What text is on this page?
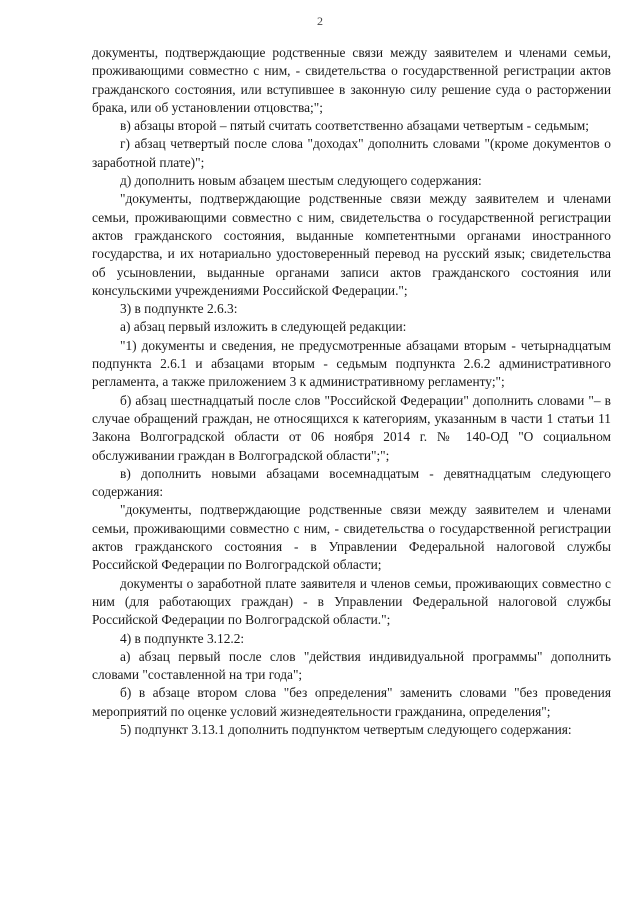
2

документы, подтверждающие родственные связи между заявителем и членами семьи, проживающими совместно с ним, - свидетельства о государственной регистрации актов гражданского состояния, или вступившее в законную силу решение суда о расторжении брака, или об установлении отцовства;";

в) абзацы второй – пятый считать соответственно абзацами четвертым - седьмым;

г) абзац четвертый после слова "доходах" дополнить словами "(кроме документов о заработной плате)";

д) дополнить новым абзацем шестым следующего содержания:

"документы, подтверждающие родственные связи между заявителем и членами семьи, проживающими совместно с ним, свидетельства о государственной регистрации актов гражданского состояния, выданные компетентными органами иностранного государства, и их нотариально удостоверенный перевод на русский язык; свидетельства об усыновлении, выданные органами записи актов гражданского состояния или консульскими учреждениями Российской Федерации.";

3) в подпункте 2.6.3:

а) абзац первый изложить в следующей редакции:

"1) документы и сведения, не предусмотренные абзацами вторым - четырнадцатым подпункта 2.6.1 и абзацами вторым - седьмым подпункта 2.6.2 административного регламента, а также приложением 3 к административному регламенту;";

б) абзац шестнадцатый после слов "Российской Федерации" дополнить словами "– в случае обращений граждан, не относящихся к категориям, указанным в части 1 статьи 11 Закона Волгоградской области от 06 ноября 2014 г. № 140-ОД "О социальном обслуживании граждан в Волгоградской области";";

в) дополнить новыми абзацами восемнадцатым - девятнадцатым следующего содержания:

"документы, подтверждающие родственные связи между заявителем и членами семьи, проживающими совместно с ним, - свидетельства о государственной регистрации актов гражданского состояния - в Управлении Федеральной налоговой службы Российской Федерации по Волгоградской области;

документы о заработной плате заявителя и членов семьи, проживающих совместно с ним (для работающих граждан) - в Управлении Федеральной налоговой службы Российской Федерации по Волгоградской области.";

4) в подпункте 3.12.2:

а) абзац первый после слов "действия индивидуальной программы" дополнить словами "составленной на три года";

б) в абзаце втором слова "без определения" заменить словами "без проведения мероприятий по оценке условий жизнедеятельности гражданина, определения";

5) подпункт 3.13.1 дополнить подпунктом четвертым следующего содержания:
